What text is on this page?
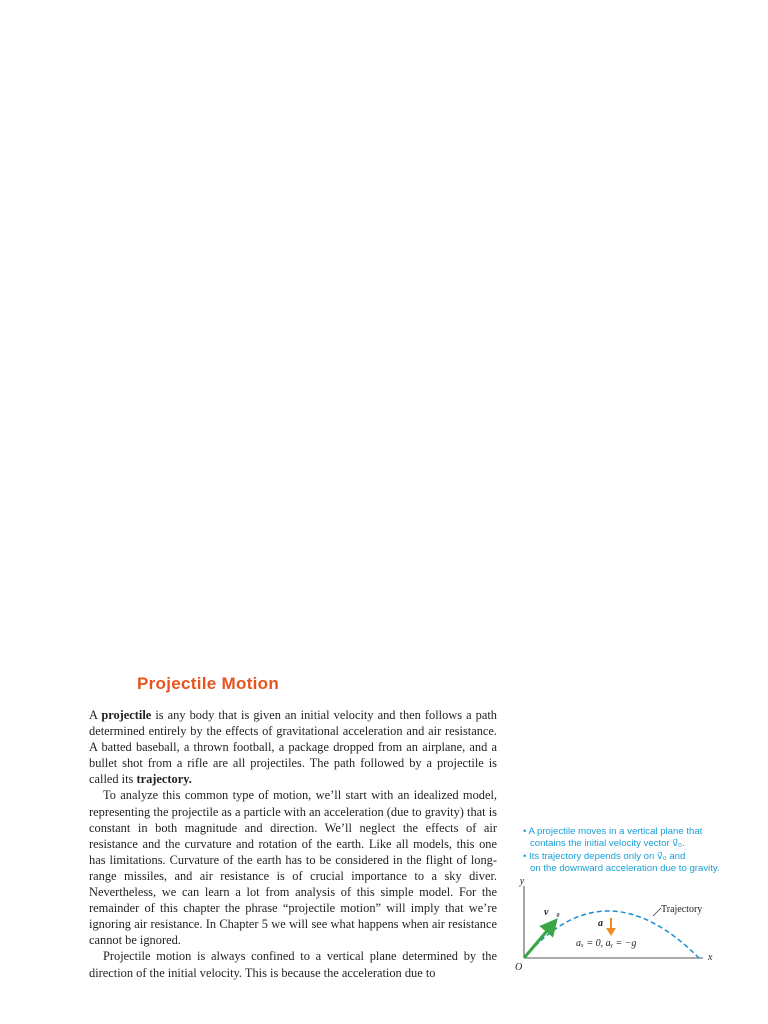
Projectile Motion

A projectile is any body that is given an initial velocity and then follows a path determined entirely by the effects of gravitational acceleration and air resistance. A batted baseball, a thrown football, a package dropped from an airplane, and a bullet shot from a rifle are all projectiles. The path followed by a projectile is called its trajectory.

To analyze this common type of motion, we’ll start with an idealized model, representing the projectile as a particle with an acceleration (due to gravity) that is constant in both magnitude and direction. We’ll neglect the effects of air resistance and the curvature and rotation of the earth. Like all models, this one has limitations. Curvature of the earth has to be considered in the flight of long-range missiles, and air resistance is of crucial importance to a sky diver. Nevertheless, we can learn a lot from analysis of this simple model. For the remainder of this chapter the phrase “projectile motion” will imply that we’re ignoring air resistance. In Chapter 5 we will see what happens when air resistance cannot be ignored.

Projectile motion is always confined to a vertical plane determined by the direction of the initial velocity. This is because the acceleration due to

• A projectile moves in a vertical plane that
contains the initial velocity vector v⃗₀.
• Its trajectory depends only on v⃗₀ and
on the downward acceleration due to gravity.
y
x
O
v⃗₀
a⃗
aₓ = 0, aᵧ = −g
Trajectory
